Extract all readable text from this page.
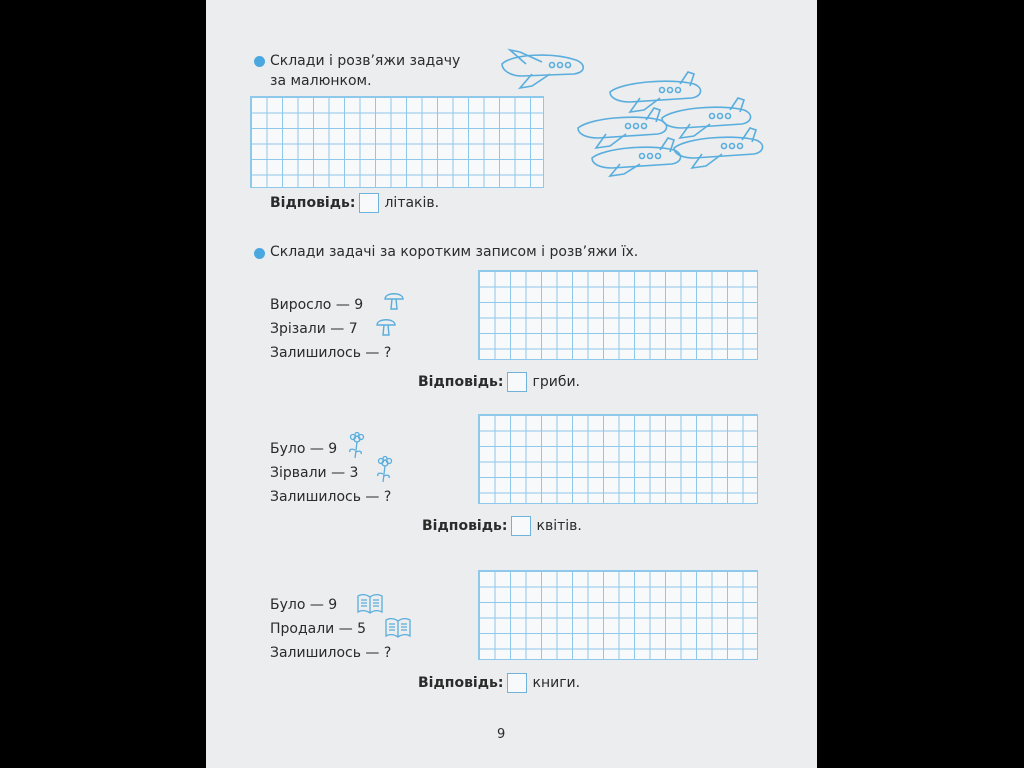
Склади і розв’яжи задачу
за малюнком.
Відповідь: літаків.
Склади задачі за коротким записом і розв’яжи їх.
Виросло — 9
Зрізали — 7
Залишилось — ?
Відповідь: гриби.
Було — 9
Зірвали — 3
Залишилось — ?
Відповідь: квітів.
Було — 9
Продали — 5
Залишилось — ?
Відповідь: книги.
9
